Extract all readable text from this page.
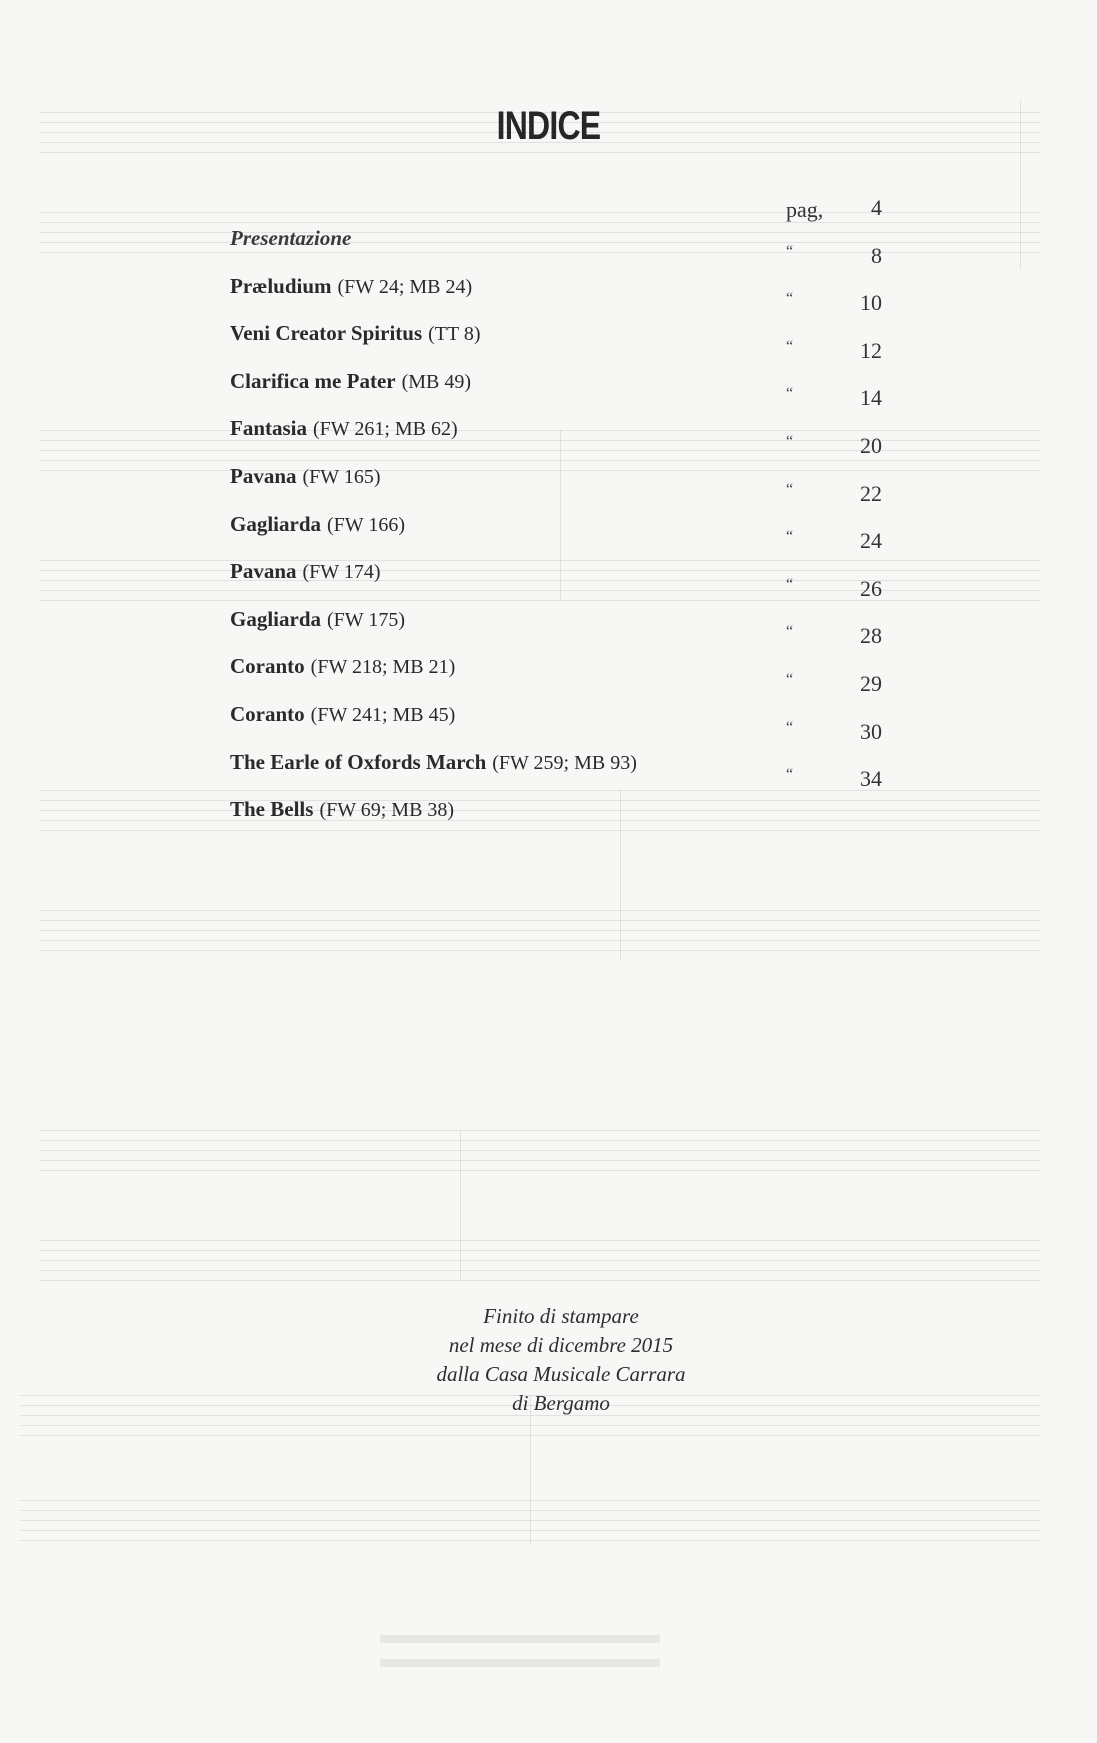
INDICE
pag,
Presentazione
4
Præludium (FW 24; MB 24)
8
“
Veni Creator Spiritus (TT 8)
10
“
Clarifica me Pater (MB 49)
12
“
Fantasia (FW 261; MB 62)
14
“
Pavana (FW 165)
20
“
Gagliarda (FW 166)
22
“
Pavana (FW 174)
24
“
Gagliarda (FW 175)
26
“
Coranto (FW 218; MB 21)
28
“
Coranto (FW 241; MB 45)
29
“
The Earle of Oxfords March (FW 259; MB 93)
30
“
The Bells (FW 69; MB 38)
34
“
Finito di stampare
nel mese di dicembre 2015
dalla Casa Musicale Carrara
di Bergamo
